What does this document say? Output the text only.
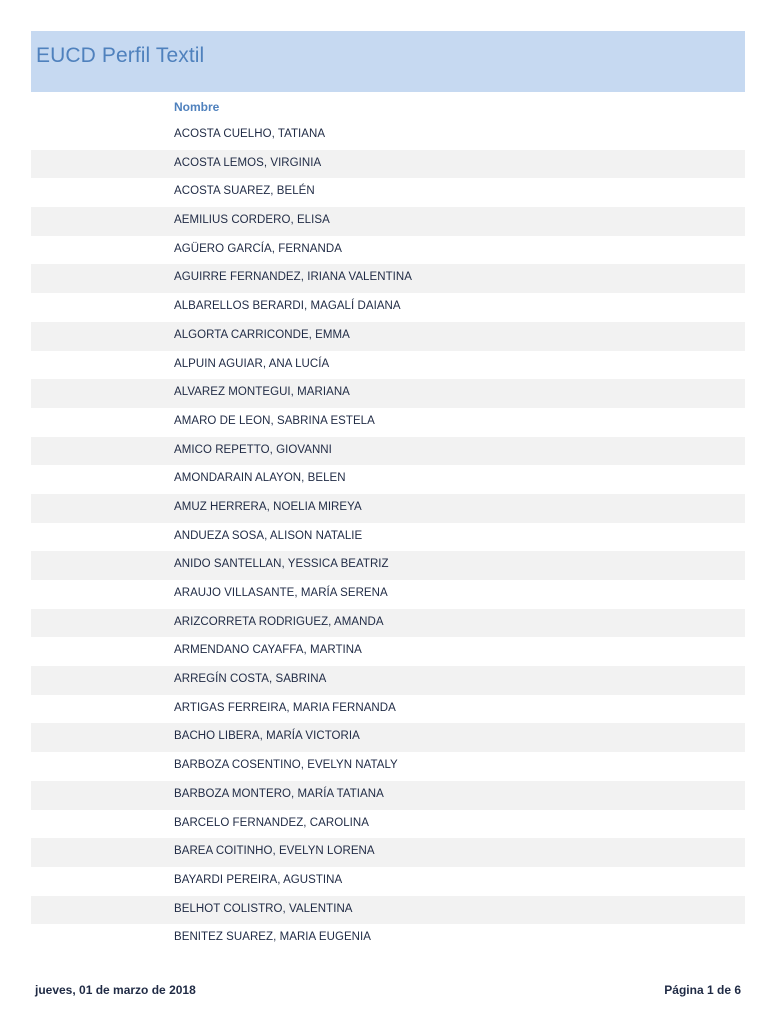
EUCD Perfil Textil
Nombre
ACOSTA CUELHO, TATIANA
ACOSTA LEMOS, VIRGINIA
ACOSTA SUAREZ, BELÉN
AEMILIUS CORDERO, ELISA
AGÜERO GARCÍA, FERNANDA
AGUIRRE FERNANDEZ, IRIANA VALENTINA
ALBARELLOS BERARDI, MAGALÍ DAIANA
ALGORTA CARRICONDE, EMMA
ALPUIN AGUIAR, ANA LUCÍA
ALVAREZ MONTEGUI, MARIANA
AMARO DE LEON, SABRINA ESTELA
AMICO REPETTO, GIOVANNI
AMONDARAIN ALAYON, BELEN
AMUZ HERRERA, NOELIA MIREYA
ANDUEZA SOSA, ALISON NATALIE
ANIDO SANTELLAN, YESSICA BEATRIZ
ARAUJO VILLASANTE, MARÍA SERENA
ARIZCORRETA RODRIGUEZ, AMANDA
ARMENDANO CAYAFFA, MARTINA
ARREGÍN COSTA, SABRINA
ARTIGAS FERREIRA, MARIA FERNANDA
BACHO LIBERA, MARÍA VICTORIA
BARBOZA COSENTINO, EVELYN NATALY
BARBOZA MONTERO, MARÍA TATIANA
BARCELO FERNANDEZ, CAROLINA
BAREA COITINHO, EVELYN LORENA
BAYARDI PEREIRA, AGUSTINA
BELHOT COLISTRO, VALENTINA
BENITEZ SUAREZ, MARIA EUGENIA
jueves, 01 de marzo de 2018	Página 1 de 6
